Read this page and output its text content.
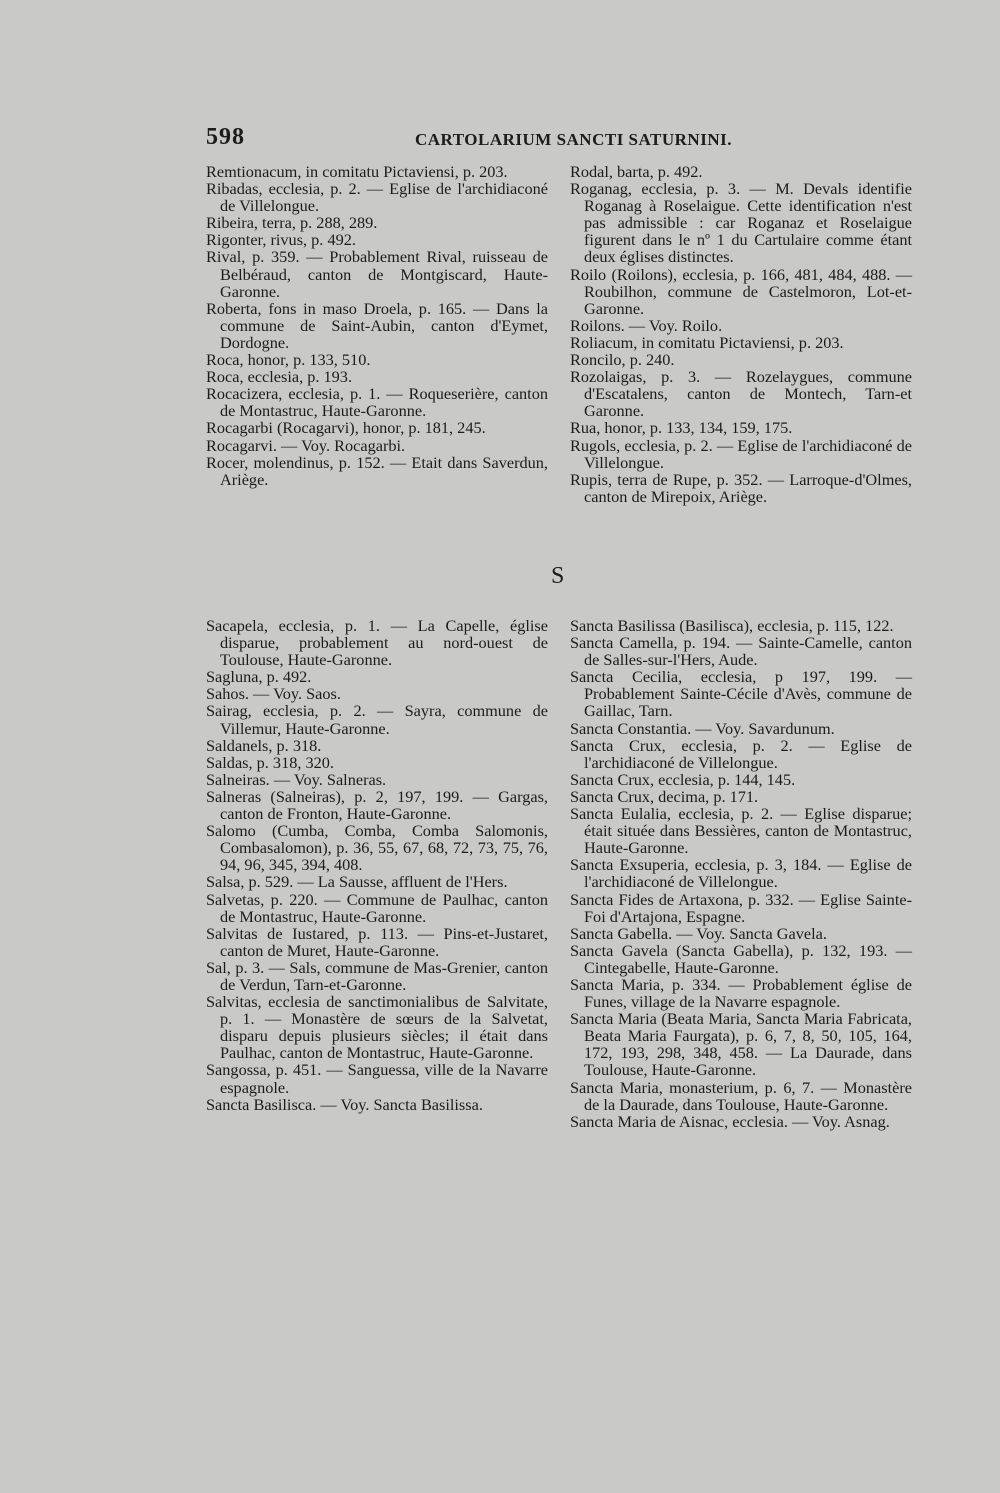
598	CARTOLARIUM SANCTI SATURNINI.

Remtionacum, in comitatu Pictaviensi, p. 203.

Ribadas, ecclesia, p. 2. — Eglise de l'archidiaconé de Villelongue.

Ribeira, terra, p. 288, 289.

Rigonter, rivus, p. 492.

Rival, p. 359. — Probablement Rival, ruisseau de Belbéraud, canton de Montgiscard, Haute-Garonne.

Roberta, fons in maso Droela, p. 165. — Dans la commune de Saint-Aubin, canton d'Eymet, Dordogne.

Roca, honor, p. 133, 510.

Roca, ecclesia, p. 193.

Rocacizera, ecclesia, p. 1. — Roqueserière, canton de Montastruc, Haute-Garonne.

Rocagarbi (Rocagarvi), honor, p. 181, 245.

Rocagarvi. — Voy. Rocagarbi.

Rocer, molendinus, p. 152. — Etait dans Saverdun, Ariège.

Rodal, barta, p. 492.

Roganag, ecclesia, p. 3. — M. Devals identifie Roganag à Roselaigue. Cette identification n'est pas admissible : car Roganaz et Roselaigue figurent dans le nº 1 du Cartulaire comme étant deux églises distinctes.

Roilo (Roilons), ecclesia, p. 166, 481, 484, 488. — Roubilhon, commune de Castelmoron, Lot-et-Garonne.

Roilons. — Voy. Roilo.

Roliacum, in comitatu Pictaviensi, p. 203.

Roncilo, p. 240.

Rozolaigas, p. 3. — Rozelaygues, commune d'Escatalens, canton de Montech, Tarn-et Garonne.

Rua, honor, p. 133, 134, 159, 175.

Rugols, ecclesia, p. 2. — Eglise de l'archidiaconé de Villelongue.

Rupis, terra de Rupe, p. 352. — Larroque-d'Olmes, canton de Mirepoix, Ariège.

S

Sacapela, ecclesia, p. 1. — La Capelle, église disparue, probablement au nord-ouest de Toulouse, Haute-Garonne.

Sagluna, p. 492.

Sahos. — Voy. Saos.

Sairag, ecclesia, p. 2. — Sayra, commune de Villemur, Haute-Garonne.

Saldanels, p. 318.

Saldas, p. 318, 320.

Salneiras. — Voy. Salneras.

Salneras (Salneiras), p. 2, 197, 199. — Gargas, canton de Fronton, Haute-Garonne.

Salomo (Cumba, Comba, Comba Salomonis, Combasalomon), p. 36, 55, 67, 68, 72, 73, 75, 76, 94, 96, 345, 394, 408.

Salsa, p. 529. — La Sausse, affluent de l'Hers.

Salvetas, p. 220. — Commune de Paulhac, canton de Montastruc, Haute-Garonne.

Salvitas de Iustared, p. 113. — Pins-et-Justaret, canton de Muret, Haute-Garonne.

Sal, p. 3. — Sals, commune de Mas-Grenier, canton de Verdun, Tarn-et-Garonne.

Salvitas, ecclesia de sanctimonialibus de Salvitate, p. 1. — Monastère de sœurs de la Salvetat, disparu depuis plusieurs siècles; il était dans Paulhac, canton de Montastruc, Haute-Garonne.

Sangossa, p. 451. — Sanguessa, ville de la Navarre espagnole.

Sancta Basilisca. — Voy. Sancta Basilissa.

Sancta Basilissa (Basilisca), ecclesia, p. 115, 122.

Sancta Camella, p. 194. — Sainte-Camelle, canton de Salles-sur-l'Hers, Aude.

Sancta Cecilia, ecclesia, p 197, 199. — Probablement Sainte-Cécile d'Avès, commune de Gaillac, Tarn.

Sancta Constantia. — Voy. Savardunum.

Sancta Crux, ecclesia, p. 2. — Eglise de l'archidiaconé de Villelongue.

Sancta Crux, ecclesia, p. 144, 145.

Sancta Crux, decima, p. 171.

Sancta Eulalia, ecclesia, p. 2. — Eglise disparue; était située dans Bessières, canton de Montastruc, Haute-Garonne.

Sancta Exsuperia, ecclesia, p. 3, 184. — Eglise de l'archidiaconé de Villelongue.

Sancta Fides de Artaxona, p. 332. — Eglise Sainte-Foi d'Artajona, Espagne.

Sancta Gabella. — Voy. Sancta Gavela.

Sancta Gavela (Sancta Gabella), p. 132, 193. — Cintegabelle, Haute-Garonne.

Sancta Maria, p. 334. — Probablement église de Funes, village de la Navarre espagnole.

Sancta Maria (Beata Maria, Sancta Maria Fabricata, Beata Maria Faurgata), p. 6, 7, 8, 50, 105, 164, 172, 193, 298, 348, 458. — La Daurade, dans Toulouse, Haute-Garonne.

Sancta Maria, monasterium, p. 6, 7. — Monastère de la Daurade, dans Toulouse, Haute-Garonne.

Sancta Maria de Aisnac, ecclesia. — Voy. Asnag.
